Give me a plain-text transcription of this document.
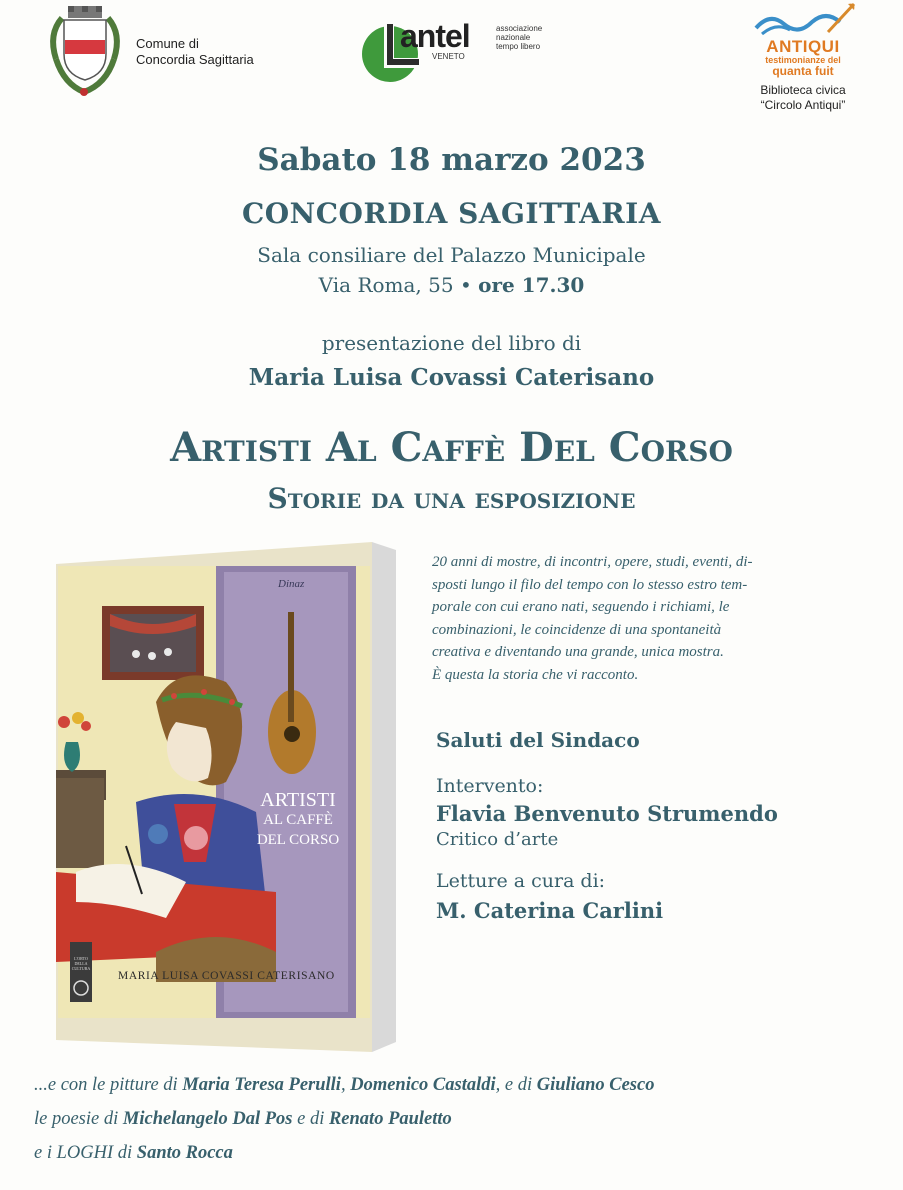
Comune di
Concordia Sagittaria
antel
VENETO
associazione
nazionale
tempo libero	ANTIQUI
testimonianze del
quanta fuit
Biblioteca civica
“Circolo Antiqui”
Sabato 18 marzo 2023
CONCORDIA SAGITTARIA
Sala consiliare del Palazzo Municipale
Via Roma, 55 • ore 17.30
presentazione del libro di
Maria Luisa Covassi Caterisano
Artisti Al Caffè Del Corso
Storie da una esposizione
Dinaz
ARTISTI
AL CAFFÈ
DEL CORSO
L'ORTO DELLA CULTURA
MARIA LUISA COVASSI CATERISANO
20 anni di mostre, di incontri, opere, studi, eventi, di-
sposti lungo il filo del tempo con lo stesso estro tem-
porale con cui erano nati, seguendo i richiami, le
combinazioni, le coincidenze di una spontaneità
creativa e diventando una grande, unica mostra.
È questa la storia che vi racconto.
Saluti del Sindaco
Intervento:
Flavia Benvenuto Strumendo
Critico d’arte
Letture a cura di:
M. Caterina Carlini
...e con le pitture di Maria Teresa Perulli, Domenico Castaldi, e di Giuliano Cesco
le poesie di Michelangelo Dal Pos e di Renato Pauletto
e i LOGHI di Santo Rocca
